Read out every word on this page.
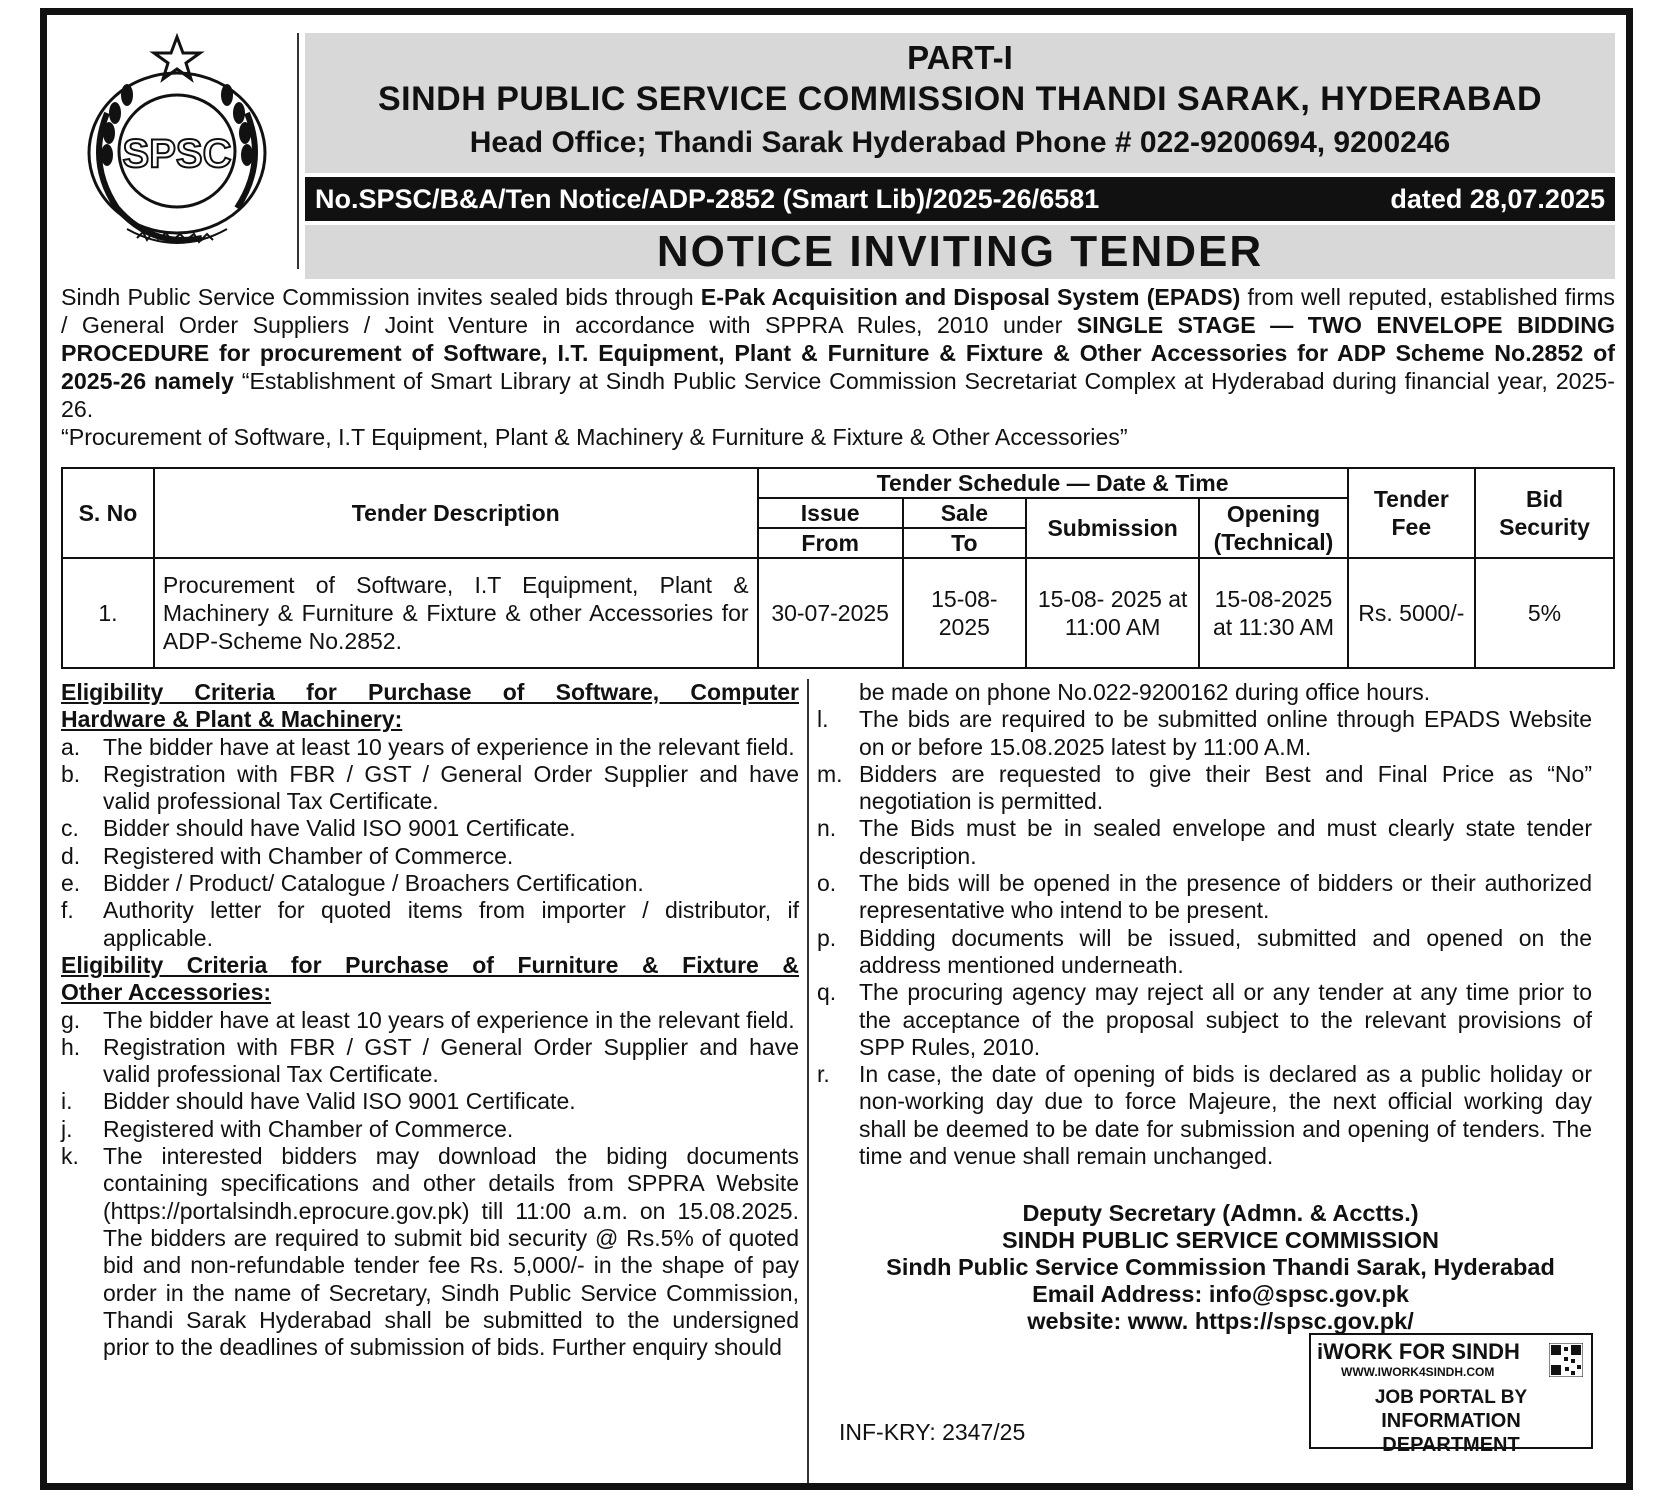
SPSC
PART-I
SINDH PUBLIC SERVICE COMMISSION THANDI SARAK, HYDERABAD
Head Office; Thandi Sarak Hyderabad Phone # 022-9200694, 9200246
No.SPSC/B&A/Ten Notice/ADP-2852 (Smart Lib)/2025-26/6581	dated 28,07.2025
NOTICE INVITING TENDER

Sindh Public Service Commission invites sealed bids through E-Pak Acquisition and Disposal System (EPADS) from well reputed, established firms / General Order Suppliers / Joint Venture in accordance with SPPRA Rules, 2010 under SINGLE STAGE — TWO ENVELOPE BIDDING PROCEDURE for procurement of Software, I.T. Equipment, Plant & Furniture & Fixture & Other Accessories for ADP Scheme No.2852 of 2025-26 namely “Establishment of Smart Library at Sindh Public Service Commission Secretariat Complex at Hyderabad during financial year, 2025-26.

“Procurement of Software, I.T Equipment, Plant & Machinery & Furniture & Fixture & Other Accessories”

S. No	Tender Description	Tender Schedule — Date & Time				Tender Fee	Bid Security
		Issue	Sale	Submission	Opening (Technical)		
		From	To				
1.	Procurement of Software, I.T Equipment, Plant & Machinery & Furniture & Fixture & other Accessories for ADP-Scheme No.2852.	30-07-2025	15-08-2025	15-08- 2025 at 11:00 AM	15-08-2025 at 11:30 AM	Rs. 5000/-	5%

Eligibility Criteria for Purchase of Software, Computer

Hardware & Plant & Machinery:

a. The bidder have at least 10 years of experience in the relevant field.
b. Registration with FBR / GST / General Order Supplier and have valid professional Tax Certificate.
c.	Bidder should have Valid ISO 9001 Certificate.
d. Registered with Chamber of Commerce.
e. Bidder / Product/ Catalogue / Broachers Certification.
f.	Authority letter for quoted items from importer / distributor, if applicable.

Eligibility Criteria for Purchase of Furniture & Fixture &

Other Accessories:

g. The bidder have at least 10 years of experience in the relevant field.
h. Registration with FBR / GST / General Order Supplier and have valid professional Tax Certificate.
i.	Bidder should have Valid ISO 9001 Certificate.
j.	Registered with Chamber of Commerce.
k.	The interested bidders may download the biding documents containing specifications and other details from SPPRA Website (https://portalsindh.eprocure.gov.pk) till 11:00 a.m. on 15.08.2025. The bidders are required to submit bid security @ Rs.5% of quoted bid and non-refundable tender fee Rs. 5,000/- in the shape of pay order in the name of Secretary, Sindh Public Service Commission, Thandi Sarak Hyderabad shall be submitted to the undersigned prior to the deadlines of submission of bids. Further enquiry should

be made on phone No.022-9200162 during office hours.

l.	The bids are required to be submitted online through EPADS Website on or before 15.08.2025 latest by 11:00 A.M.
m. Bidders are requested to give their Best and Final Price as “No” negotiation is permitted.
n. The Bids must be in sealed envelope and must clearly state tender description.
o. The bids will be opened in the presence of bidders or their authorized representative who intend to be present.
p. Bidding documents will be issued, submitted and opened on the address mentioned underneath.
q. The procuring agency may reject all or any tender at any time prior to the acceptance of the proposal subject to the relevant provisions of SPP Rules, 2010.
r.	In case, the date of opening of bids is declared as a public holiday or non-working day due to force Majeure, the next official working day shall be deemed to be date for submission and opening of tenders. The time and venue shall remain unchanged.
Deputy Secretary (Admn. & Acctts.)
SINDH PUBLIC SERVICE COMMISSION
Sindh Public Service Commission Thandi Sarak, Hyderabad
Email Address: info@spsc.gov.pk
website: www. https://spsc.gov.pk/
INF-KRY: 2347/25
iWORK FOR SINDH
WWW.IWORK4SINDH.COM
JOB PORTAL BY
INFORMATION DEPARTMENT
